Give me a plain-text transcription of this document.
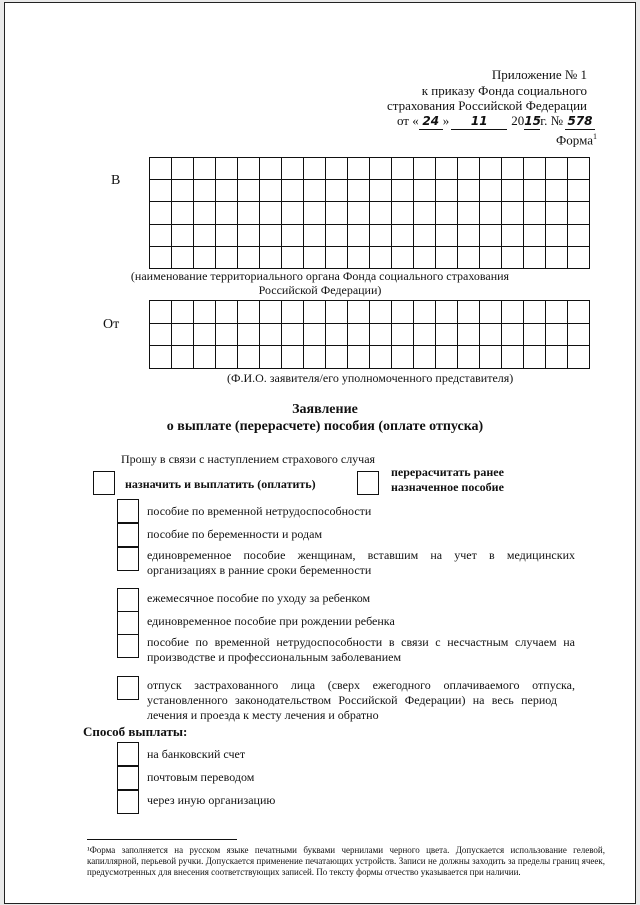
Приложение № 1
к приказу Фонда социального
страхования Российской Федерации
от « 24 » 11 2015г. № 578
Форма$^1$
В
(наименование территориального органа Фонда социального страхования
Российской Федерации)
От
(Ф.И.О. заявителя/его уполномоченного представителя)
Заявление
о выплате (перерасчете) пособия (оплате отпуска)
Прошу в связи с наступлением страхового случая
назначить и выплатить (оплатить)
перерасчитать ранее
назначенное пособие
пособие по временной нетрудоспособности
пособие по беременности и родам
единовременное пособие женщинам, вставшим на учет в медицинских
организациях в ранние сроки беременности
ежемесячное пособие по уходу за ребенком
единовременное пособие при рождении ребенка
пособие по временной нетрудоспособности в связи с несчастным случаем на
производстве и профессиональным заболеванием
отпуск застрахованного лица (сверх ежегодного оплачиваемого отпуска,
установленного законодательством Российской Федерации) на весь период
лечения и проезда к месту лечения и обратно
Способ выплаты:
на банковский счет
почтовым переводом
через иную организацию
¹Форма заполняется на русском языке печатными буквами чернилами черного цвета. Допускается использование гелевой, капиллярной, перьевой ручки. Допускается применение печатающих устройств. Записи не должны заходить за пределы границ ячеек, предусмотренных для внесения соответствующих записей. По тексту формы отчество указывается при наличии.
